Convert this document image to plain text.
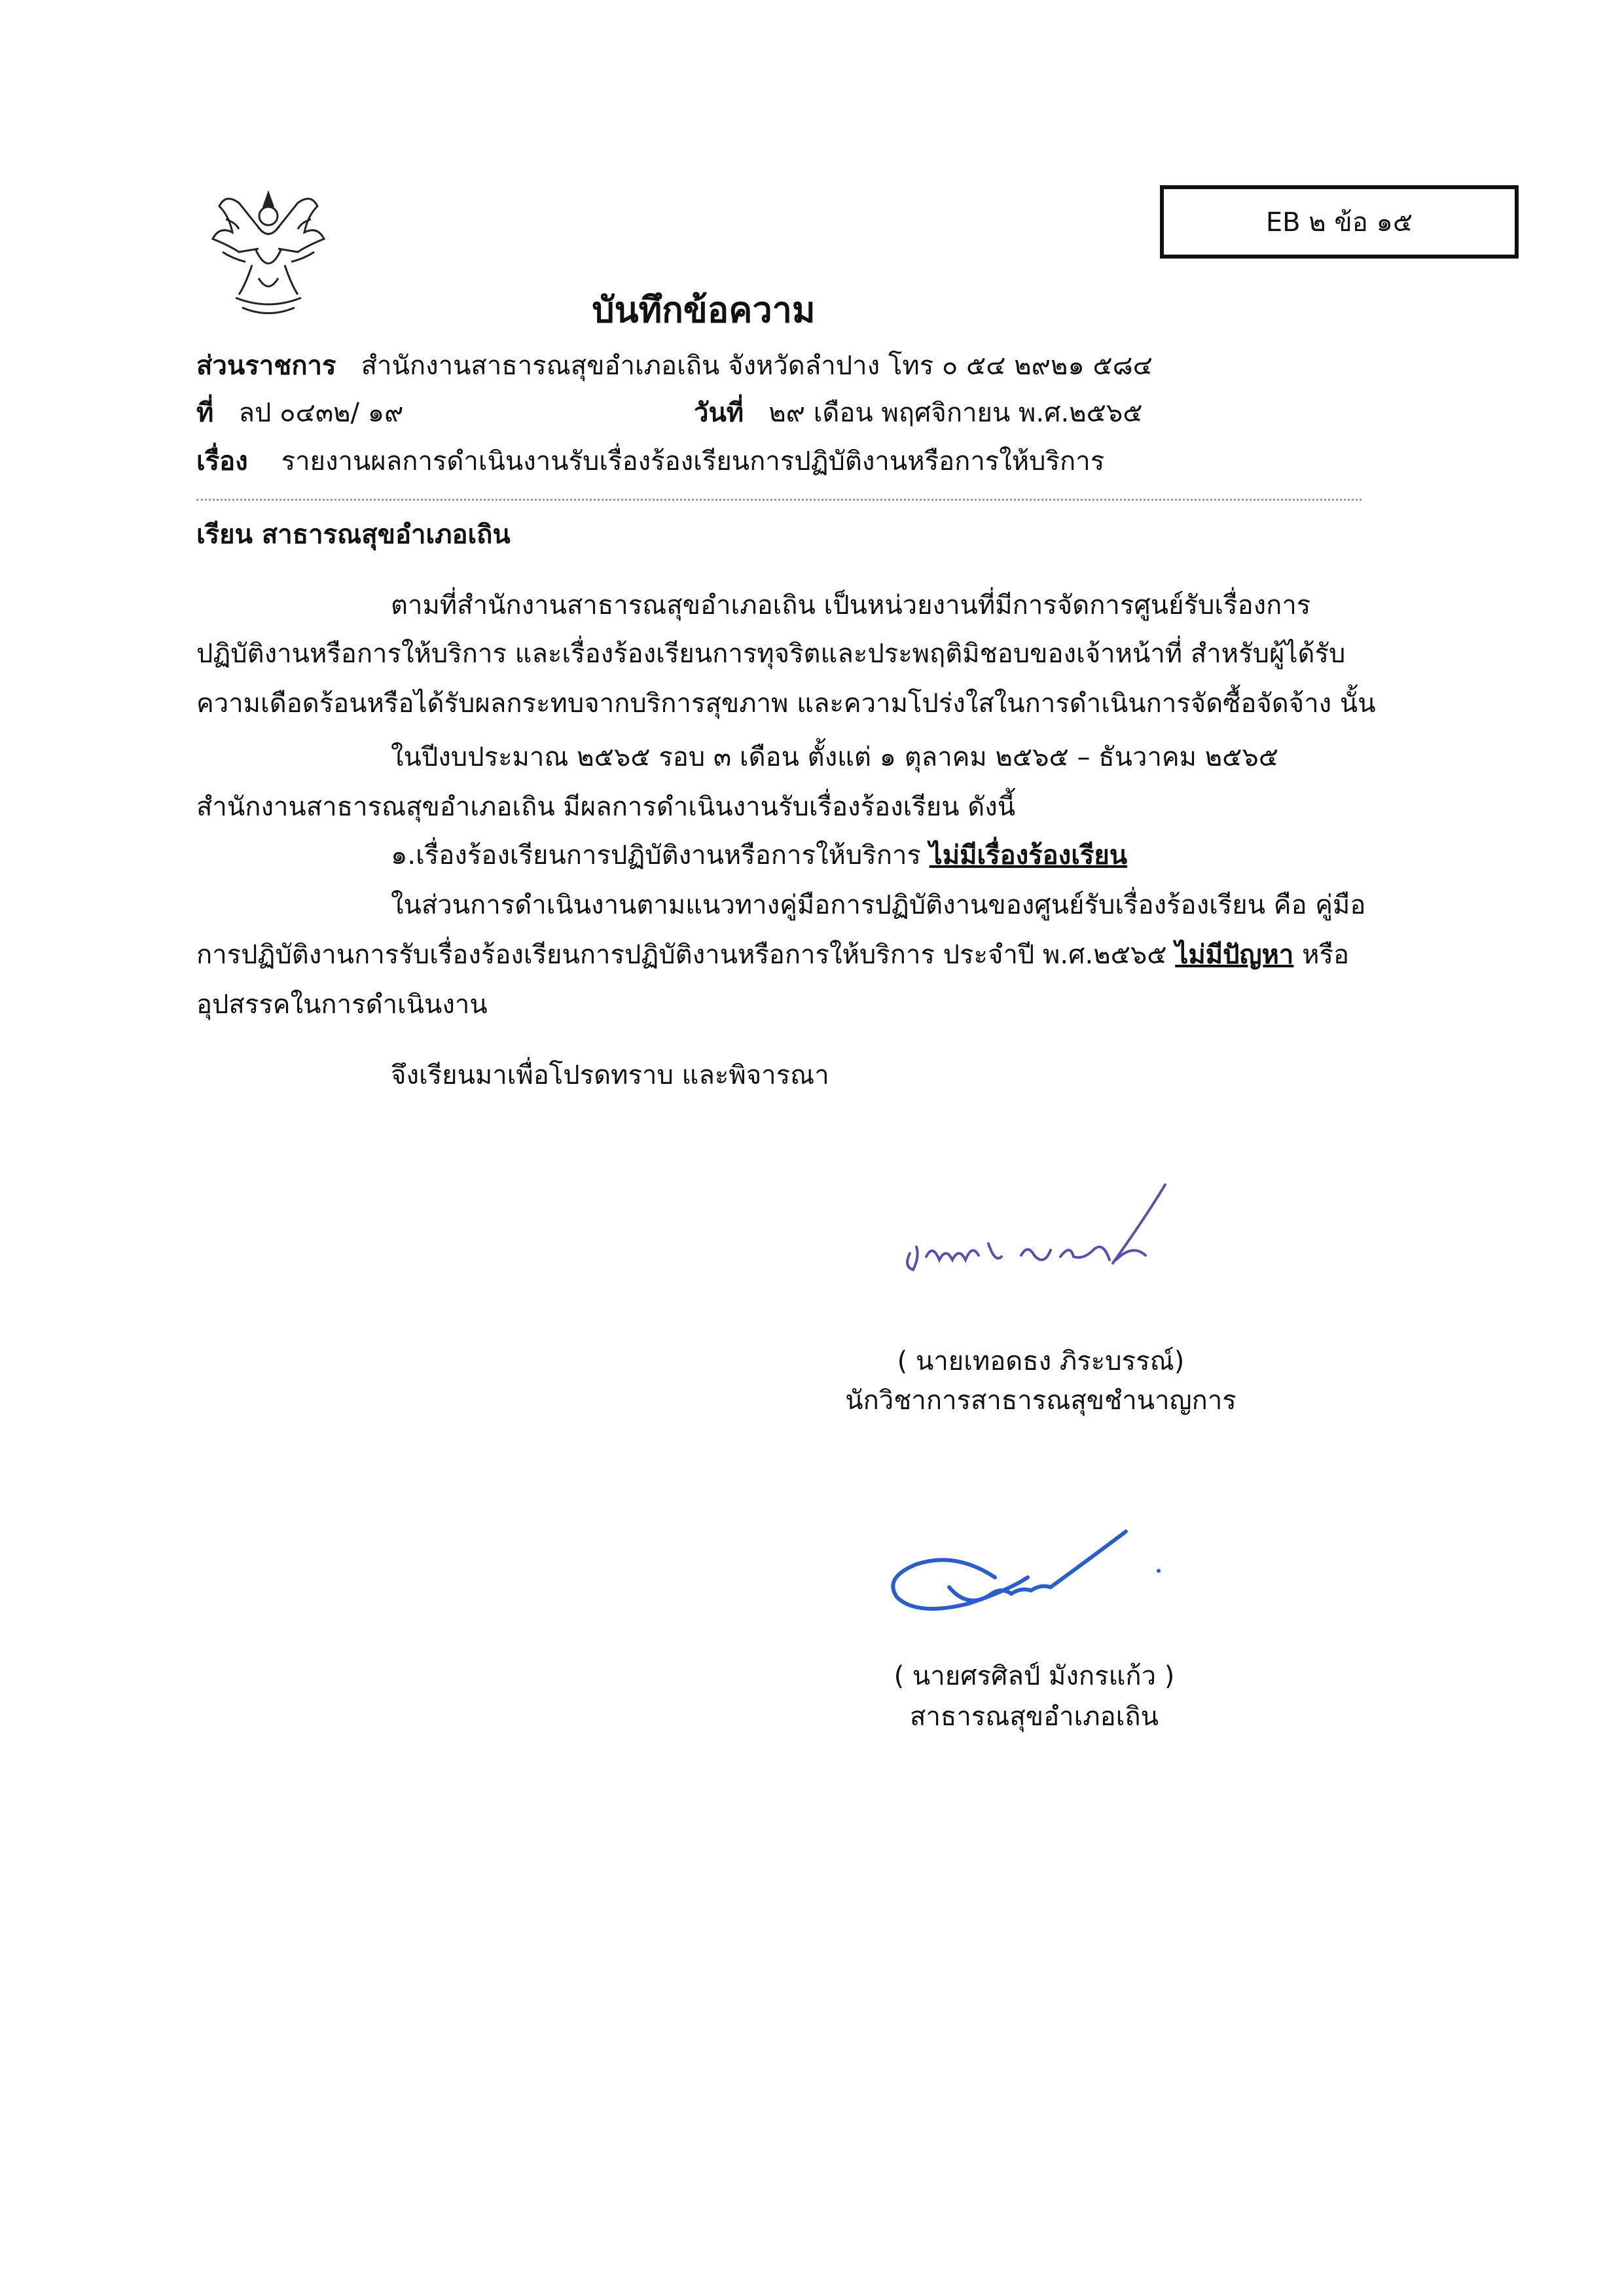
EB ๒ ข้อ ๑๕
บันทึกข้อความ
ส่วนราชการ สำนักงานสาธารณสุขอำเภอเถิน จังหวัดลำปาง โทร ๐ ๕๔ ๒๙๒๑ ๕๘๔
ที่ ลป ๐๔๓๒/ ๑๙	วันที่ ๒๙ เดือน พฤศจิกายน พ.ศ.๒๕๖๕
เรื่อง รายงานผลการดำเนินงานรับเรื่องร้องเรียนการปฏิบัติงานหรือการให้บริการ
เรียน สาธารณสุขอำเภอเถิน
ตามที่สำนักงานสาธารณสุขอำเภอเถิน เป็นหน่วยงานที่มีการจัดการศูนย์รับเรื่องการ
ปฏิบัติงานหรือการให้บริการ และเรื่องร้องเรียนการทุจริตและประพฤติมิชอบของเจ้าหน้าที่ สำหรับผู้ได้รับ
ความเดือดร้อนหรือได้รับผลกระทบจากบริการสุขภาพ และความโปร่งใสในการดำเนินการจัดซื้อจัดจ้าง นั้น
ในปีงบประมาณ ๒๕๖๕ รอบ ๓ เดือน ตั้งแต่ ๑ ตุลาคม ๒๕๖๕ – ธันวาคม ๒๕๖๕
สำนักงานสาธารณสุขอำเภอเถิน มีผลการดำเนินงานรับเรื่องร้องเรียน ดังนี้
๑.เรื่องร้องเรียนการปฏิบัติงานหรือการให้บริการ ไม่มีเรื่องร้องเรียน
ในส่วนการดำเนินงานตามแนวทางคู่มือการปฏิบัติงานของศูนย์รับเรื่องร้องเรียน คือ คู่มือ
การปฏิบัติงานการรับเรื่องร้องเรียนการปฏิบัติงานหรือการให้บริการ ประจำปี พ.ศ.๒๕๖๕ ไม่มีปัญหา หรือ
อุปสรรคในการดำเนินงาน
จึงเรียนมาเพื่อโปรดทราบ และพิจารณา
( นายเทอดธง ภิระบรรณ์)
นักวิชาการสาธารณสุขชำนาญการ
( นายศรศิลป์ มังกรแก้ว )
สาธารณสุขอำเภอเถิน
